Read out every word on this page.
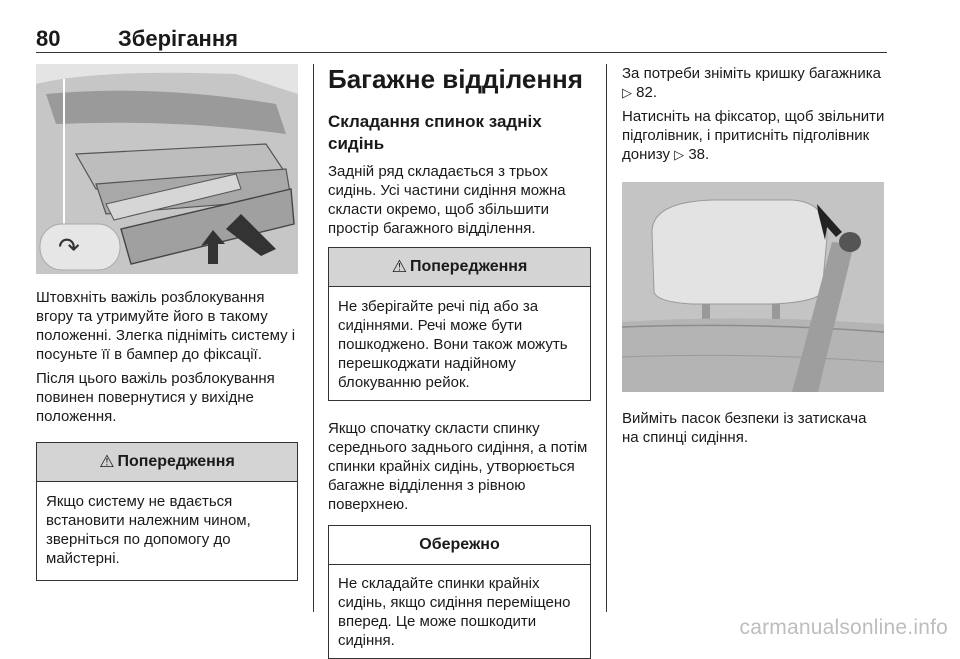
80	Зберігання
↷

Штовхніть важіль розблокування вгору та утримуйте його в такому положенні. Злегка підніміть систему і посуньте її в бампер до фіксації.

Після цього важіль розблокування повинен повернутися у вихідне положення.

⚠ Попередження
Якщо систему не вдається встановити належним чином, зверніться по допомогу до майстерні.
Багажне відділення
Складання спинок задніх сидінь

Задній ряд складається з трьох сидінь. Усі частини сидіння можна скласти окремо, щоб збільшити простір багажного відділення.

⚠ Попередження
Не зберігайте речі під або за сидіннями. Речі може бути пошкоджено. Вони також можуть перешкоджати надійному блокуванню рейок.

Якщо спочатку скласти спинку середнього заднього сидіння, а потім спинки крайніх сидінь, утворюється багажне відділення з рівною поверхнею.

Обережно
Не складайте спинки крайніх сидінь, якщо сидіння переміщено вперед. Це може пошкодити сидіння.

За потреби зніміть кришку багажника ▷ 82.

Натисніть на фіксатор, щоб звільнити підголівник, і притисніть підголівник донизу ▷ 38.

Вийміть пасок безпеки із затискача на спинці сидіння.

carmanualsonline.info
